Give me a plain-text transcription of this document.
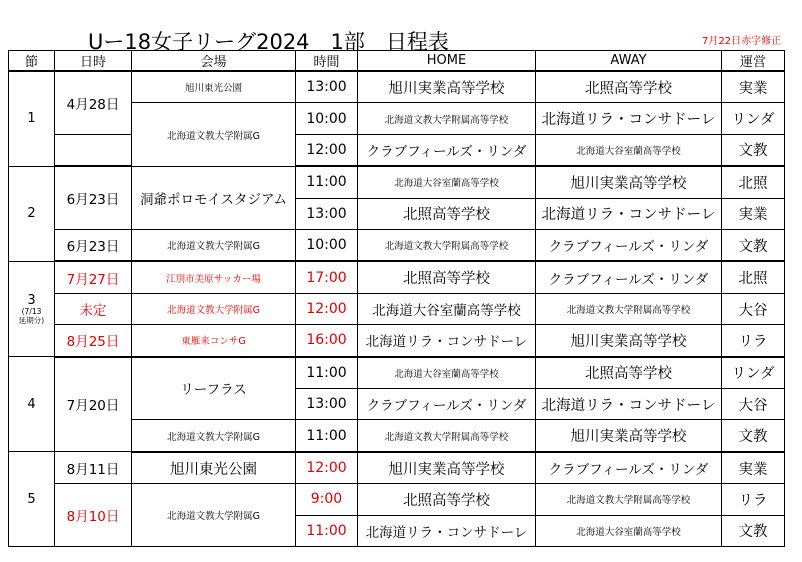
Uー18女子リーグ2024　1部　日程表	7月22日赤字修正
節	日時	会場	時間	HOME	AWAY	運営

1	4月28日	旭川東光公園	13:00	旭川実業高等学校	北照高等学校	実業
		北海道文教大学附属G	10:00	北海道文教大学附属高等学校	北海道リラ・コンサドーレ	リンダ
			12:00	クラブフィールズ・リンダ	北海道大谷室蘭高等学校	文教

2	6月23日	洞爺ポロモイスタジアム	11:00	北海道大谷室蘭高等学校	旭川実業高等学校	北照
			13:00	北照高等学校	北海道リラ・コンサドーレ	実業
	6月23日	北海道文教大学附属G	10:00	北海道文教大学附属高等学校	クラブフィールズ・リンダ	文教

3
(7/13
延期分)	7月27日	江別市美原サッカー場	17:00	北照高等学校	クラブフィールズ・リンダ	北照
	未定	北海道文教大学附属G	12:00	北海道大谷室蘭高等学校	北海道文教大学附属高等学校	大谷
	8月25日	東雁来コンサG	16:00	北海道リラ・コンサドーレ	旭川実業高等学校	リラ

4	7月20日	リーフラス	11:00	北海道大谷室蘭高等学校	北照高等学校	リンダ
			13:00	クラブフィールズ・リンダ	北海道リラ・コンサドーレ	大谷
		北海道文教大学附属G	11:00	北海道文教大学附属高等学校	旭川実業高等学校	文教

5	8月11日	旭川東光公園	12:00	旭川実業高等学校	クラブフィールズ・リンダ	実業
	8月10日	北海道文教大学附属G	9:00	北照高等学校	北海道文教大学附属高等学校	リラ
			11:00	北海道リラ・コンサドーレ	北海道大谷室蘭高等学校	文教
